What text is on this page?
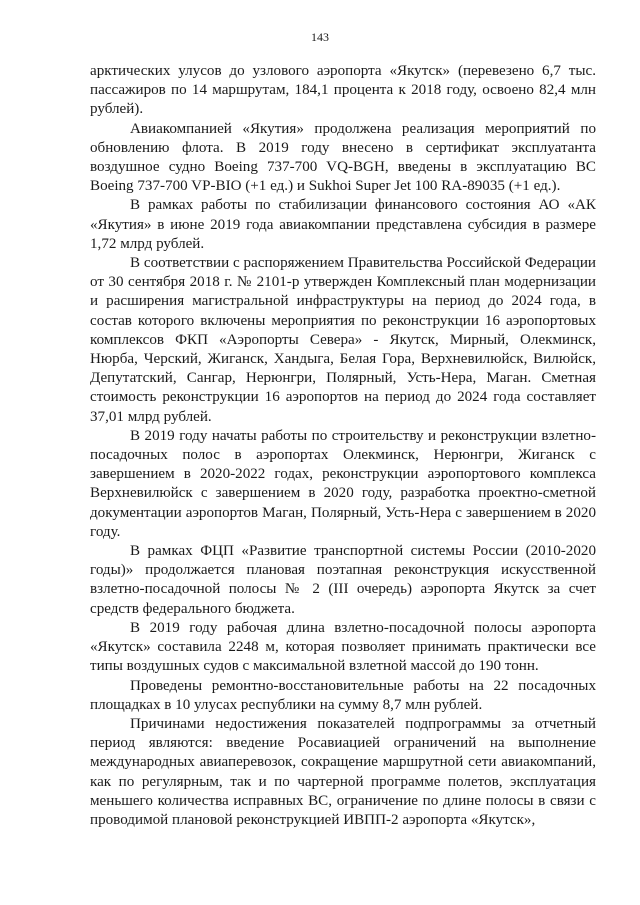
143

арктических улусов до узлового аэропорта «Якутск» (перевезено 6,7 тыс. пассажиров по 14 маршрутам, 184,1 процента к 2018 году, освоено 82,4 млн рублей).

Авиакомпанией «Якутия» продолжена реализация мероприятий по обновлению флота. В 2019 году внесено в сертификат эксплуатанта воздушное судно Boeing 737-700 VQ-BGH, введены в эксплуатацию ВС Boeing 737-700 VP-BIO (+1 ед.) и Sukhoi Super Jet 100 RA-89035 (+1 ед.).

В рамках работы по стабилизации финансового состояния АО «АК «Якутия» в июне 2019 года авиакомпании представлена субсидия в размере 1,72 млрд рублей.

В соответствии с распоряжением Правительства Российской Федерации от 30 сентября 2018 г. № 2101-р утвержден Комплексный план модернизации и расширения магистральной инфраструктуры на период до 2024 года, в состав которого включены мероприятия по реконструкции 16 аэропортовых комплексов ФКП «Аэропорты Севера» - Якутск, Мирный, Олекминск, Нюрба, Черский, Жиганск, Хандыга, Белая Гора, Верхневилюйск, Вилюйск, Депутатский, Сангар, Нерюнгри, Полярный, Усть-Нера, Маган. Сметная стоимость реконструкции 16 аэропортов на период до 2024 года составляет 37,01 млрд рублей.

В 2019 году начаты работы по строительству и реконструкции взлетно-посадочных полос в аэропортах Олекминск, Нерюнгри, Жиганск с завершением в 2020-2022 годах, реконструкции аэропортового комплекса Верхневилюйск с завершением в 2020 году, разработка проектно-сметной документации аэропортов Маган, Полярный, Усть-Нера с завершением в 2020 году.

В рамках ФЦП «Развитие транспортной системы России (2010-2020 годы)» продолжается плановая поэтапная реконструкция искусственной взлетно-посадочной полосы № 2 (III очередь) аэропорта Якутск за счет средств федерального бюджета.

В 2019 году рабочая длина взлетно-посадочной полосы аэропорта «Якутск» составила 2248 м, которая позволяет принимать практически все типы воздушных судов с максимальной взлетной массой до 190 тонн.

Проведены ремонтно-восстановительные работы на 22 посадочных площадках в 10 улусах республики на сумму 8,7 млн рублей.

Причинами недостижения показателей подпрограммы за отчетный период являются: введение Росавиацией ограничений на выполнение международных авиаперевозок, сокращение маршрутной сети авиакомпаний, как по регулярным, так и по чартерной программе полетов, эксплуатация меньшего количества исправных ВС, ограничение по длине полосы в связи с проводимой плановой реконструкцией ИВПП-2 аэропорта «Якутск»,
